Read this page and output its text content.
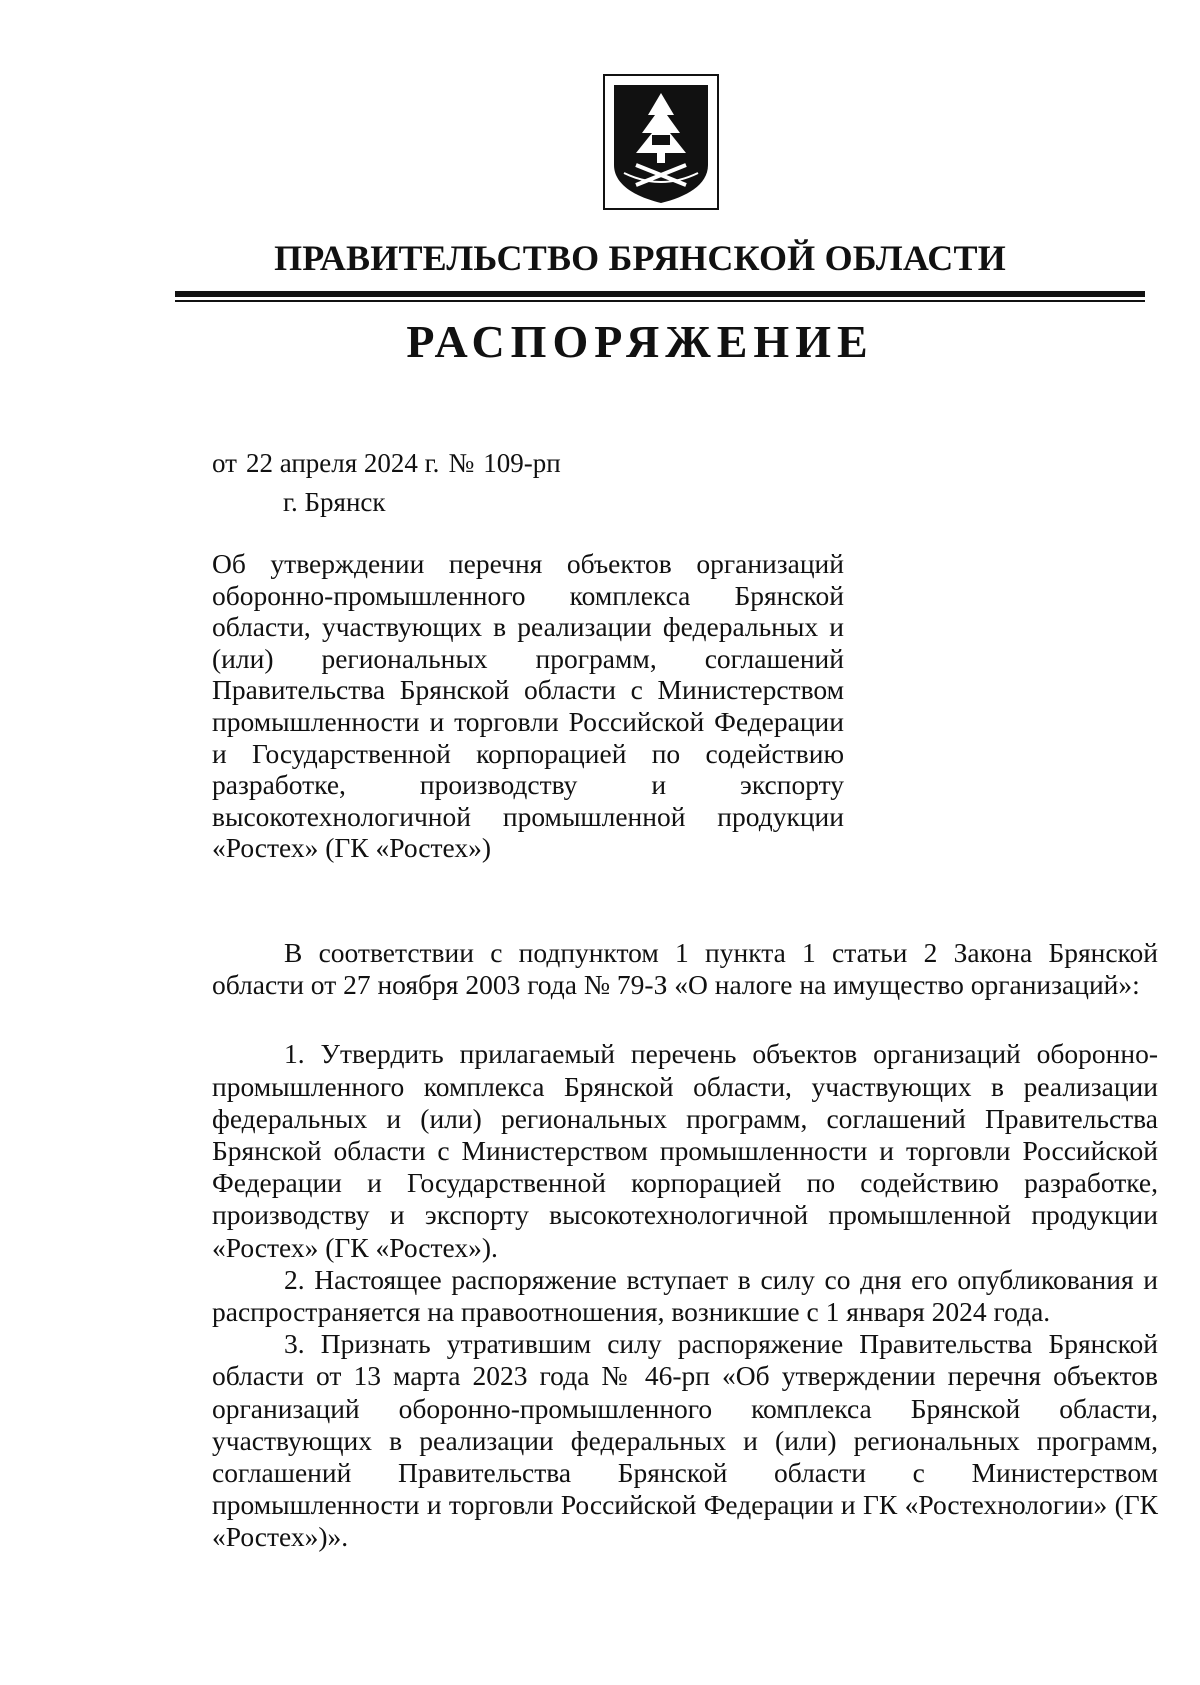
ПРАВИТЕЛЬСТВО БРЯНСКОЙ ОБЛАСТИ
РАСПОРЯЖЕНИЕ
от 22 апреля 2024 г. № 109-рп
г. Брянск
Об утверждении перечня объектов организаций оборонно-промышленного комплекса Брянской области, участвующих в реализации федеральных и (или) региональных программ, соглашений Правительства Брянской области с Министерством промышленности и торговли Российской Федерации и Государственной корпорацией по содействию разработке, производству и экспорту высокотехнологичной промышленной продукции «Ростех» (ГК «Ростех»)

В соответствии с подпунктом 1 пункта 1 статьи 2 Закона Брянской области от 27 ноября 2003 года № 79-З «О налоге на имущество организаций»:

1. Утвердить прилагаемый перечень объектов организаций оборонно-промышленного комплекса Брянской области, участвующих в реализации федеральных и (или) региональных программ, соглашений Правительства Брянской области с Министерством промышленности и торговли Российской Федерации и Государственной корпорацией по содействию разработке, производству и экспорту высокотехнологичной промышленной продукции «Ростех» (ГК «Ростех»).

2. Настоящее распоряжение вступает в силу со дня его опубликования и распространяется на правоотношения, возникшие с 1 января 2024 года.

3. Признать утратившим силу распоряжение Правительства Брянской области от 13 марта 2023 года № 46-рп «Об утверждении перечня объектов организаций оборонно-промышленного комплекса Брянской области, участвующих в реализации федеральных и (или) региональных программ, соглашений Правительства Брянской области с Министерством промышленности и торговли Российской Федерации и ГК «Ростехнологии» (ГК «Ростех»)».
